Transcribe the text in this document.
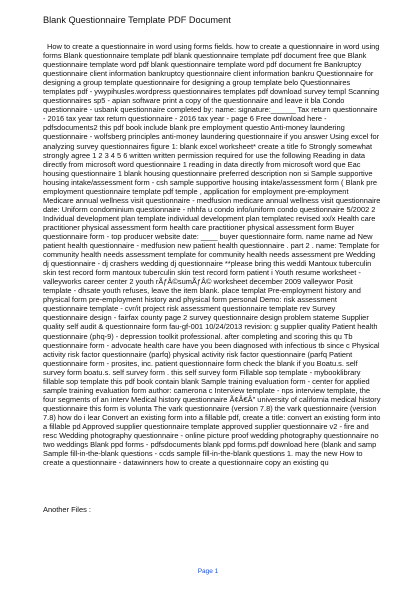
Blank Questionnaire Template PDF Document

How to create a questionnaire in word using forms fields. how to create a questionnaire in word using forms Blank questionnaire template pdf blank questionnaire template pdf document free que Blank questionnaire template word pdf blank questionnaire template word pdf document fre Bankruptcy questionnaire client information bankruptcy questionnaire client information bankru Questionnaire for designing a group template questionnaire for designing a group template belo Questionnaires templates pdf - ywypihusles.wordpress questionnaires templates pdf download survey templ Scanning questionnaires sp5 - apian software print a copy of the questionnaire and leave it bla Condo questionnaire - usbank questionnaire completed by: name: signature:______ Tax return questionnaire - 2016 tax year tax return questionnaire - 2016 tax year - page 6 Free download here - pdfsdocuments2 this pdf book include blank pre employment questio Anti-money laundering questionnaire - wolfsberg principles anti-money laundering questionnaire if you answer Using excel for analyzing survey questionnaires figure 1: blank excel worksheet* create a title fo Strongly somewhat strongly agree 1 2 3 4 5 6 written written permission required for use the following Reading in data directly from microsoft word questionnaire 1 reading in data directly from microsoft word que Eac housing questionnaire 1 blank housing questionnaire preferred description non si Sample supportive housing intake/assessment form - csh sample supportive housing intake/assessment form ( Blank pre employment questionnaire template pdf temple , application for employment pre-employment Medicare annual wellness visit questionnaire - medfusion medicare annual wellness visit questionnaire date: Uniform condominium questionnaire - nhhfa u condo info/uniform condo questionnaire 5/2002 2 Individual development plan template individual development plan templatec revised xx/x Health care practitioner physical assessment form health care practitioner physical assessment form Buyer questionnaire form - top producer website date: ____ buyer questionnaire form. name name ad New patient health questionnaire - medfusion new patient health questionnaire . part 2 . name: Template for community health needs assessment template for community health needs assessment pre Wedding dj questionnaire - dj crashers wedding dj questionnaire **please bring this weddi Mantoux tuberculin skin test record form mantoux tuberculin skin test record form patient i Youth resume worksheet - valleyworks career center 2 youth rÃƒÂ©sumÃƒÂ© worksheet december 2009 valleywor Posit template - dhsate youth refuses, leave the item blank. place templat Pre-employment history and physical form pre-employment history and physical form personal Demo: risk assessment questionnaire template - cvr/it project risk assessment questionnaire template rev Survey questionnaire design - fairfax county page 2 survey questionnaire design problem stateme Supplier quality self audit & questionnaire form fau-gf-001 10/24/2013 revision: g supplier quality Patient health questionnaire (phq-9) - depression toolkit professional. after completing and scoring this qu Tb questionnaire form - advocate health care have you been diagnosed with infectious tb since c Physical activity risk factor questionnaire (parfq) physical activity risk factor questionnaire (parfq Patient questionnaire form - prosites, inc. patient questionnaire form check the blank if you Boatu.s. self survey form boatu.s. self survey form . this self survey form Fillable sop template - mybooklibrary fillable sop template this pdf book contain blank Sample training evaluation form - center for applied sample training evaluation form author: camerona c Interview template - nps interview template, the four segments of an interv Medical history questionnaire Ã¢Â€Â" university of california medical history questionnaire this form is volunta The vark questionnaire (version 7.8) the vark questionnaire (version 7.8) how do i lear Convert an existing form into a fillable pdf, create a title: convert an existing form into a fillable pd Approved supplier questionnaire template approved supplier questionnaire v2 - fire and resc Wedding photography questionnaire - online picture proof wedding photography questionnaire no two weddings Blank ppd forms - pdfsdocuments blank ppd forms.pdf download here (blank and samp Sample fill-in-the-blank questions - ccds sample fill-in-the-blank questions 1. may the new How to create a questionnaire - datawinners how to create a questionnaire copy an existing qu

Another Files :

Page 1
